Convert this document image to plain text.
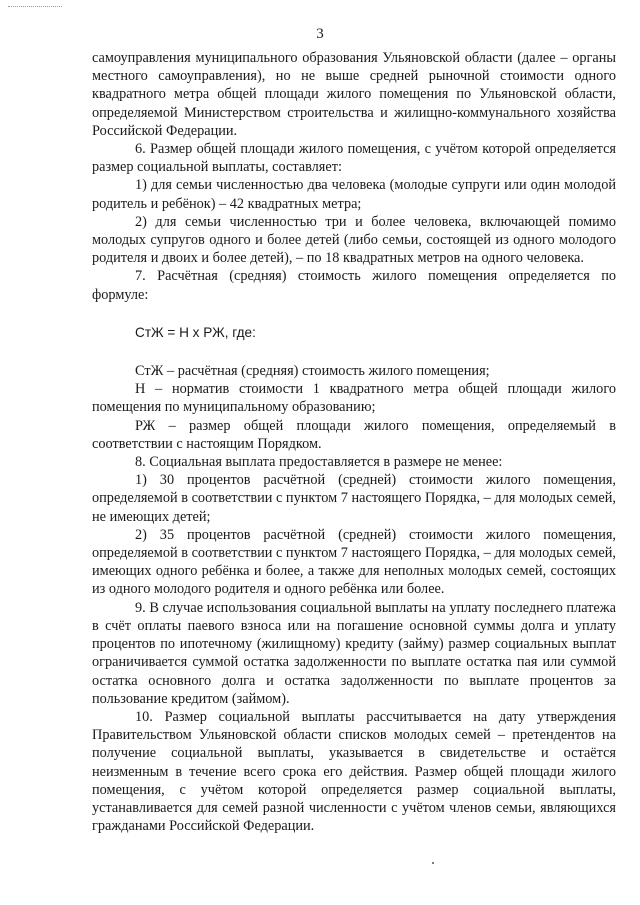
3

самоуправления муниципального образования Ульяновской области (далее – органы местного самоуправления), но не выше средней рыночной стоимости одного квадратного метра общей площади жилого помещения по Ульяновской области, определяемой Министерством строительства и жилищно-коммунального хозяйства Российской Федерации.

6. Размер общей площади жилого помещения, с учётом которой определяется размер социальной выплаты, составляет:

1) для семьи численностью два человека (молодые супруги или один молодой родитель и ребёнок) – 42 квадратных метра;

2) для семьи численностью три и более человека, включающей помимо молодых супругов одного и более детей (либо семьи, состоящей из одного молодого родителя и двоих и более детей), – по 18 квадратных метров на одного человека.

7. Расчётная (средняя) стоимость жилого помещения определяется по формуле:

СтЖ = Н х РЖ, где:

СтЖ – расчётная (средняя) стоимость жилого помещения;

Н – норматив стоимости 1 квадратного метра общей площади жилого помещения по муниципальному образованию;

РЖ – размер общей площади жилого помещения, определяемый в соответствии с настоящим Порядком.

8. Социальная выплата предоставляется в размере не менее:

1) 30 процентов расчётной (средней) стоимости жилого помещения, определяемой в соответствии с пунктом 7 настоящего Порядка, – для молодых семей, не имеющих детей;

2) 35 процентов расчётной (средней) стоимости жилого помещения, определяемой в соответствии с пунктом 7 настоящего Порядка, – для молодых семей, имеющих одного ребёнка и более, а также для неполных молодых семей, состоящих из одного молодого родителя и одного ребёнка или более.

9. В случае использования социальной выплаты на уплату последнего платежа в счёт оплаты паевого взноса или на погашение основной суммы долга и уплату процентов по ипотечному (жилищному) кредиту (займу) размер социальных выплат ограничивается суммой остатка задолженности по выплате остатка пая или суммой остатка основного долга и остатка задолженности по выплате процентов за пользование кредитом (займом).

10. Размер социальной выплаты рассчитывается на дату утверждения Правительством Ульяновской области списков молодых семей – претендентов на получение социальной выплаты, указывается в свидетельстве и остаётся неизменным в течение всего срока его действия. Размер общей площади жилого помещения, с учётом которой определяется размер социальной выплаты, устанавливается для семей разной численности с учётом членов семьи, являющихся гражданами Российской Федерации.
